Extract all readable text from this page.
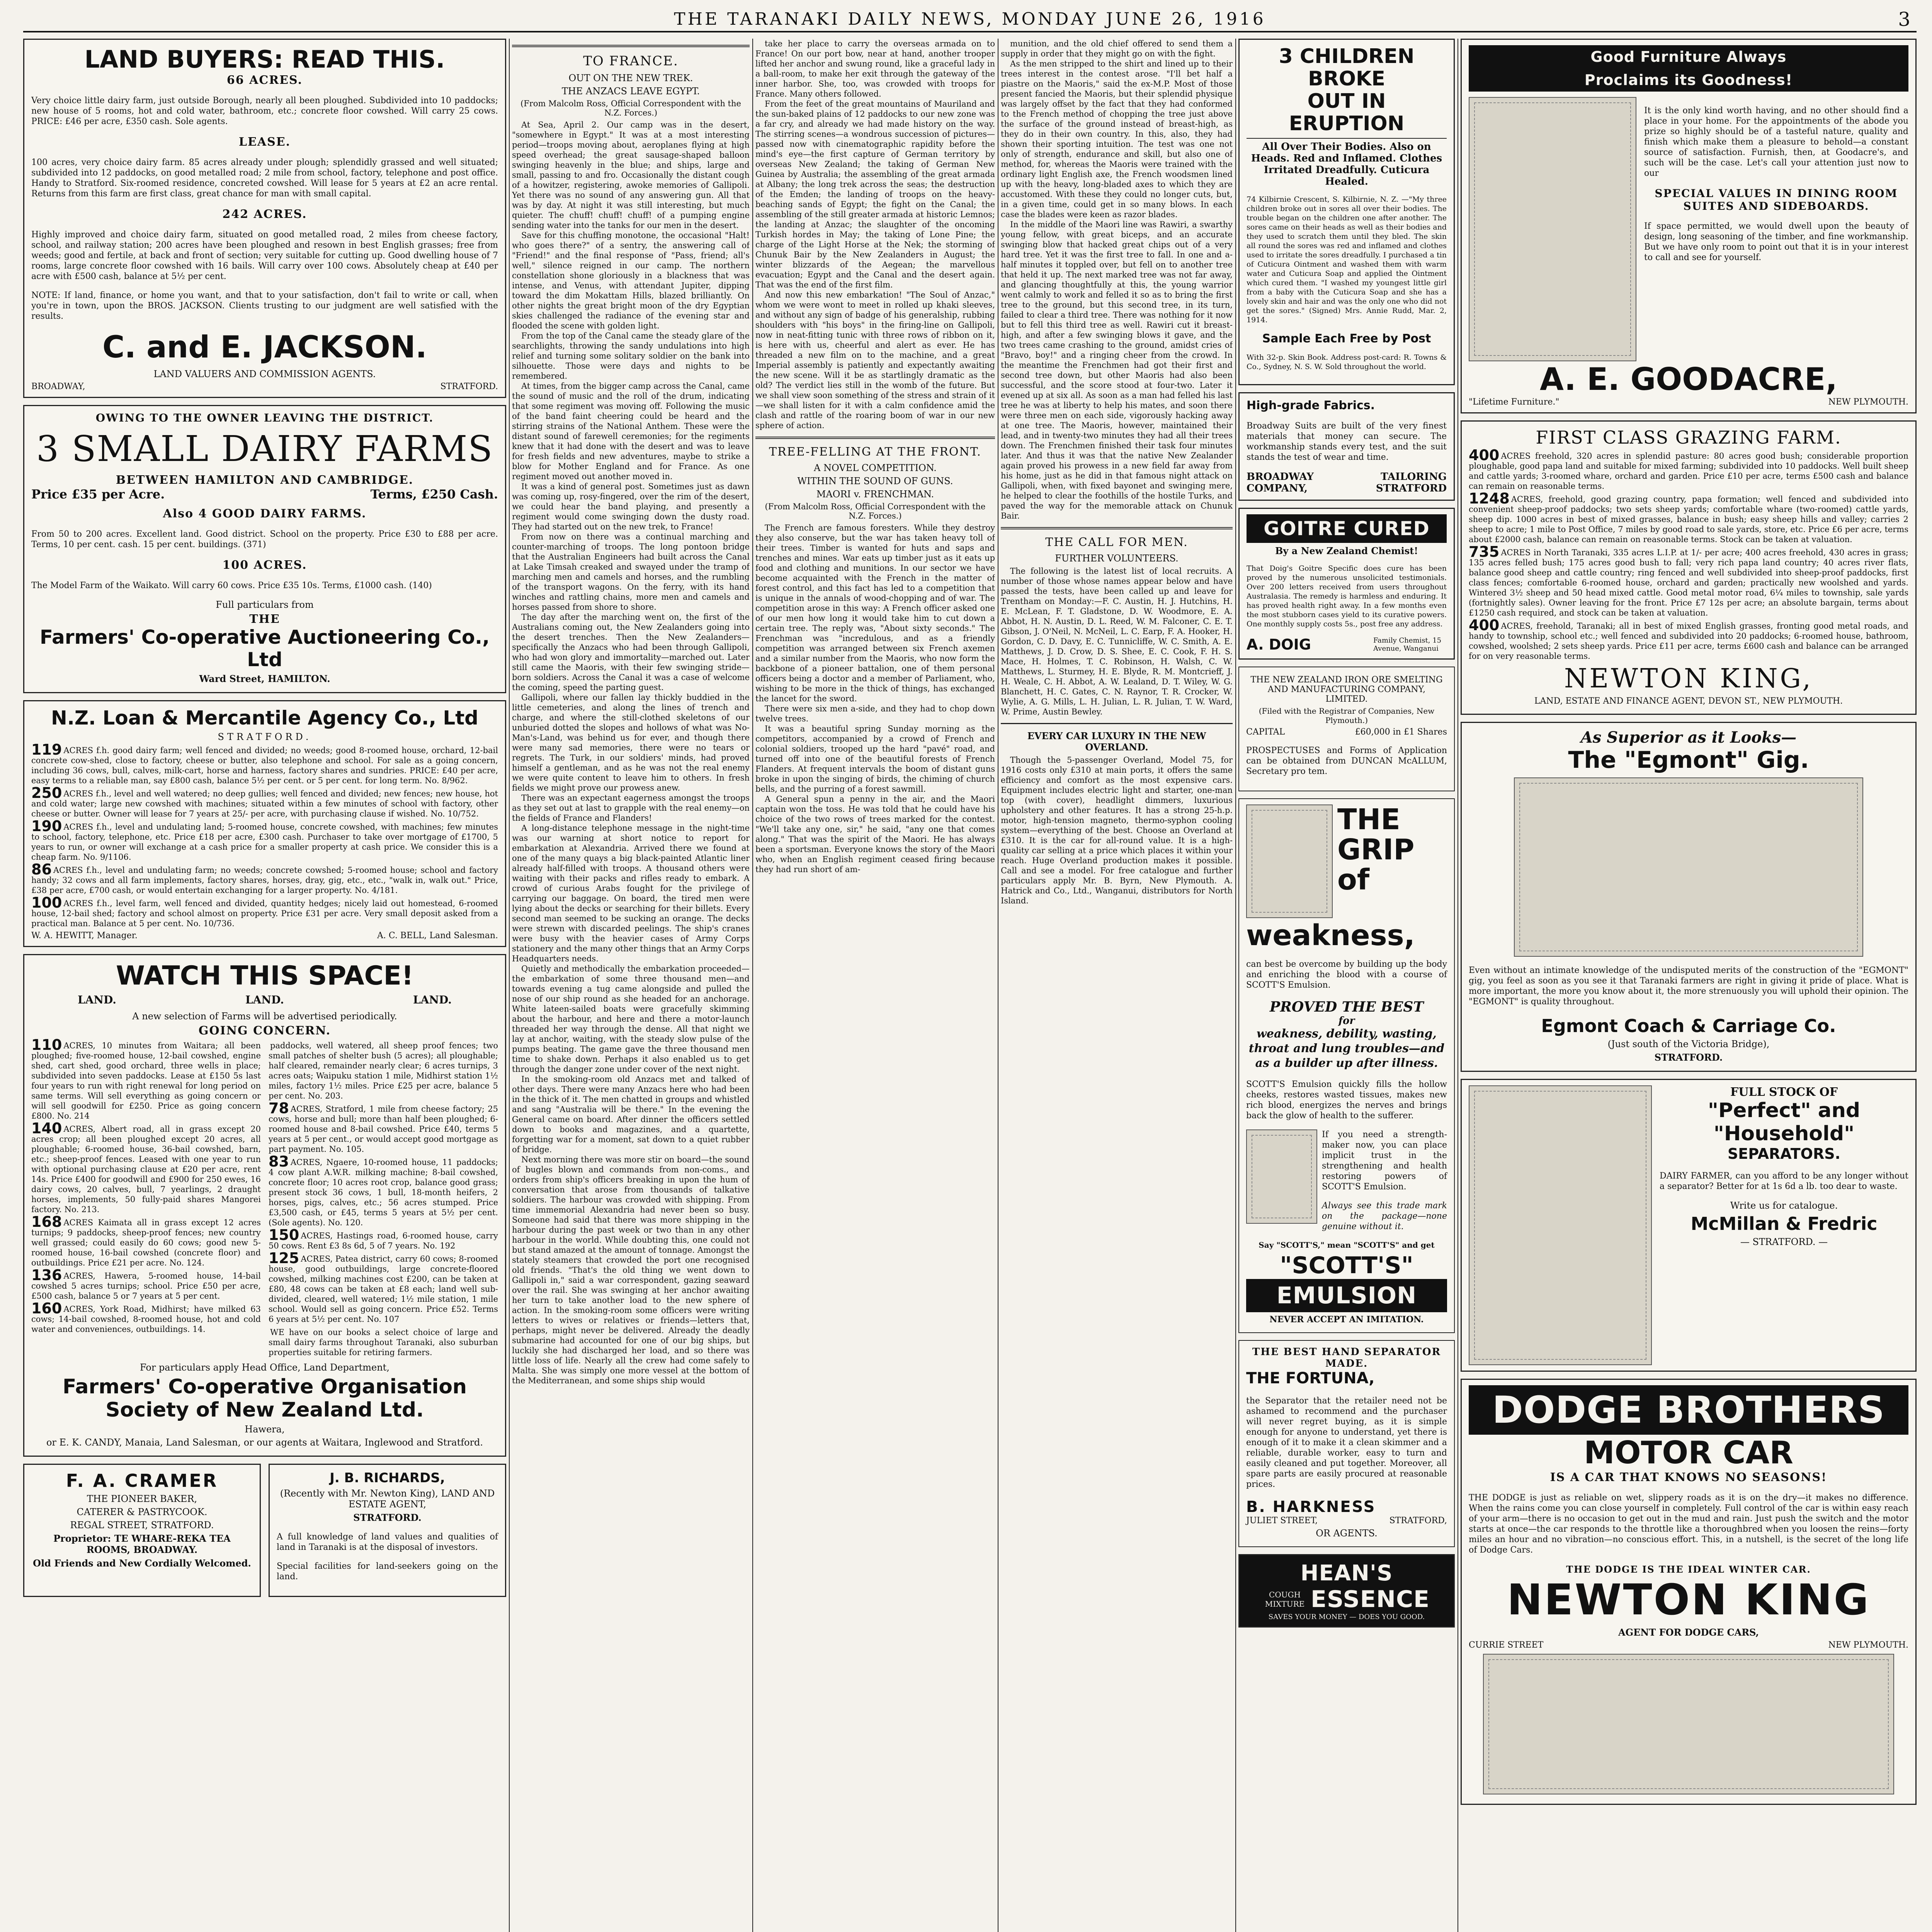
THE TARANAKI DAILY NEWS, MONDAY JUNE 26, 1916	3
LAND BUYERS: READ THIS.
66 ACRES.

Very choice little dairy farm, just outside Borough, nearly all been ploughed. Subdivided into 10 paddocks; new house of 5 rooms, hot and cold water, bathroom, etc.; concrete floor cowshed. Will carry 25 cows. PRICE: £46 per acre, £350 cash. Sole agents.

LEASE.

100 acres, very choice dairy farm. 85 acres already under plough; splendidly grassed and well situated; subdivided into 12 paddocks, on good metalled road; 2 mile from school, factory, telephone and post office. Handy to Stratford. Six-roomed residence, concreted cowshed. Will lease for 5 years at £2 an acre rental. Returns from this farm are first class, great chance for man with small capital.

242 ACRES.

Highly improved and choice dairy farm, situated on good metalled road, 2 miles from cheese factory, school, and railway station; 200 acres have been ploughed and resown in best English grasses; free from weeds; good and fertile, at back and front of section; very suitable for cutting up. Good dwelling house of 7 rooms, large concrete floor cowshed with 16 bails. Will carry over 100 cows. Absolutely cheap at £40 per acre with £500 cash, balance at 5½ per cent.

NOTE: If land, finance, or home you want, and that to your satisfaction, don't fail to write or call, when you're in town, upon the BROS. JACKSON. Clients trusting to our judgment are well satisfied with the results.

C. and E. JACKSON.
LAND VALUERS AND COMMISSION AGENTS.
BROADWAY,	STRATFORD.
OWING TO THE OWNER LEAVING THE DISTRICT.
3 SMALL DAIRY FARMS
BETWEEN HAMILTON AND CAMBRIDGE.
Price £35 per Acre.	Terms, £250 Cash.
Also 4 GOOD DAIRY FARMS.

From 50 to 200 acres. Excellent land. Good district. School on the property. Price £30 to £88 per acre. Terms, 10 per cent. cash. 15 per cent. buildings. (371)

100 ACRES.

The Model Farm of the Waikato. Will carry 60 cows. Price £35 10s. Terms, £1000 cash. (140)

Full particulars from
THE
Farmers' Co-operative Auctioneering Co., Ltd
Ward Street, HAMILTON.
N.Z. Loan & Mercantile Agency Co., Ltd
STRATFORD.

119 ACRES f.h. good dairy farm; well fenced and divided; no weeds; good 8-roomed house, orchard, 12-bail concrete cow-shed, close to factory, cheese or butter, also telephone and school. For sale as a going concern, including 36 cows, bull, calves, milk-cart, horse and harness, factory shares and sundries. PRICE: £40 per acre, easy terms to a reliable man, say £800 cash, balance 5½ per cent. or 5 per cent. for long term. No. 8/962.

250 ACRES f.h., level and well watered; no deep gullies; well fenced and divided; new fences; new house, hot and cold water; large new cowshed with machines; situated within a few minutes of school with factory, other cheese or butter. Owner will lease for 7 years at 25/- per acre, with purchasing clause if wished. No. 10/752.

190 ACRES f.h., level and undulating land; 5-roomed house, concrete cowshed, with machines; few minutes to school, factory, telephone, etc. Price £18 per acre, £300 cash. Purchaser to take over mortgage of £1700, 5 years to run, or owner will exchange at a cash price for a smaller property at cash price. We consider this is a cheap farm. No. 9/1106.

86 ACRES f.h., level and undulating farm; no weeds; concrete cowshed; 5-roomed house; school and factory handy; 32 cows and all farm implements, factory shares, horses, dray, gig, etc., etc., "walk in, walk out." Price, £38 per acre, £700 cash, or would entertain exchanging for a larger property. No. 4/181.

100 ACRES f.h., level farm, well fenced and divided, quantity hedges; nicely laid out homestead, 6-roomed house, 12-bail shed; factory and school almost on property. Price £31 per acre. Very small deposit asked from a practical man. Balance at 5 per cent. No. 10/736.

W. A. HEWITT, Manager.	A. C. BELL, Land Salesman.
WATCH THIS SPACE!
LAND.	LAND.	LAND.
A new selection of Farms will be advertised periodically.
GOING CONCERN.

110 ACRES, 10 minutes from Waitara; all been ploughed; five-roomed house, 12-bail cowshed, engine shed, cart shed, good orchard, three wells in place; subdivided into seven paddocks. Lease at £150 5s last four years to run with right renewal for long period on same terms. Will sell everything as going concern or will sell goodwill for £250. Price as going concern £800. No. 214

140 ACRES, Albert road, all in grass except 20 acres crop; all been ploughed except 20 acres, all ploughable; 6-roomed house, 36-bail cowshed, barn, etc.; sheep-proof fences. Leased with one year to run with optional purchasing clause at £20 per acre, rent 14s. Price £400 for goodwill and £900 for 250 ewes, 16 dairy cows, 20 calves, bull, 7 yearlings, 2 draught horses, implements, 50 fully-paid shares Mangorei factory. No. 213.

168 ACRES Kaimata all in grass except 12 acres turnips; 9 paddocks, sheep-proof fences; new country well grassed; could easily do 60 cows; good new 5-roomed house, 16-bail cowshed (concrete floor) and outbuildings. Price £21 per acre. No. 124.

136 ACRES, Hawera, 5-roomed house, 14-bail cowshed 5 acres turnips; school. Price £50 per acre, £500 cash, balance 5 or 7 years at 5 per cent.

160 ACRES, York Road, Midhirst; have milked 63 cows; 14-bail cowshed, 8-roomed house, hot and cold water and conveniences, outbuildings. 14.

paddocks, well watered, all sheep proof fences; two small patches of shelter bush (5 acres); all ploughable; half cleared, remainder nearly clear; 6 acres turnips, 3 acres oats; Waipuku station 1 mile, Midhirst station 1½ miles, factory 1½ miles. Price £25 per acre, balance 5 per cent. No. 203.

78 ACRES, Stratford, 1 mile from cheese factory; 25 cows, horse and bull; more than half been ploughed; 6-roomed house and 8-bail cowshed. Price £40, terms 5 years at 5 per cent., or would accept good mortgage as part payment. No. 105.

83 ACRES, Ngaere, 10-roomed house, 11 paddocks; 4 cow plant A.W.R. milking machine; 8-bail cowshed, concrete floor; 10 acres root crop, balance good grass; present stock 36 cows, 1 bull, 18-month heifers, 2 horses, pigs, calves, etc.; 56 acres stumped. Price £3,500 cash, or £45, terms 5 years at 5½ per cent. (Sole agents). No. 120.

150 ACRES, Hastings road, 6-roomed house, carry 50 cows. Rent £3 8s 6d, 5 of 7 years. No. 192

125 ACRES, Patea district, carry 60 cows; 8-roomed house, good outbuildings, large concrete-floored cowshed, milking machines cost £200, can be taken at £80, 48 cows can be taken at £8 each; land well sub-divided, cleared, well watered; 1½ mile station, 1 mile school. Would sell as going concern. Price £52. Terms 6 years at 5½ per cent. No. 107

WE have on our books a select choice of large and small dairy farms throughout Taranaki, also suburban properties suitable for retiring farmers.

For particulars apply Head Office, Land Department,
Farmers' Co-operative Organisation
Society of New Zealand Ltd.
Hawera,
or E. K. CANDY, Manaia, Land Salesman, or our agents at Waitara, Inglewood and Stratford.
F. A. CRAMER
THE PIONEER BAKER,
CATERER & PASTRYCOOK.
REGAL STREET, STRATFORD.
Proprietor: TE WHARE-REKA TEA ROOMS, BROADWAY.
Old Friends and New Cordially Welcomed.
J. B. RICHARDS,
(Recently with Mr. Newton King), LAND AND ESTATE AGENT,
STRATFORD.

A full knowledge of land values and qualities of land in Taranaki is at the disposal of investors.

Special facilities for land-seekers going on the land.

TO FRANCE.
OUT ON THE NEW TREK.
THE ANZACS LEAVE EGYPT.
(From Malcolm Ross, Official Correspondent with the N.Z. Forces.)

At Sea, April 2. Our camp was in the desert, "somewhere in Egypt." It was at a most interesting period—troops moving about, aeroplanes flying at high speed overhead; the great sausage-shaped balloon swinging heavenly in the blue; and ships, large and small, passing to and fro. Occasionally the distant cough of a howitzer, registering, awoke memories of Gallipoli. Yet there was no sound of any answering gun. All that was by day. At night it was still interesting, but much quieter. The chuff! chuff! chuff! of a pumping engine sending water into the tanks for our men in the desert.

Save for this chuffing monotone, the occasional "Halt! who goes there?" of a sentry, the answering call of "Friend!" and the final response of "Pass, friend; all's well," silence reigned in our camp. The northern constellation shone gloriously in a blackness that was intense, and Venus, with attendant Jupiter, dipping toward the dim Mokattam Hills, blazed brilliantly. On other nights the great bright moon of the dry Egyptian skies challenged the radiance of the evening star and flooded the scene with golden light.

From the top of the Canal came the steady glare of the searchlights, throwing the sandy undulations into high relief and turning some solitary soldier on the bank into silhouette. Those were days and nights to be remembered.

At times, from the bigger camp across the Canal, came the sound of music and the roll of the drum, indicating that some regiment was moving off. Following the music of the band faint cheering could be heard and the stirring strains of the National Anthem. These were the distant sound of farewell ceremonies; for the regiments knew that it had done with the desert and was to leave for fresh fields and new adventures, maybe to strike a blow for Mother England and for France. As one regiment moved out another moved in.

It was a kind of general post. Sometimes just as dawn was coming up, rosy-fingered, over the rim of the desert, we could hear the band playing, and presently a regiment would come swinging down the dusty road. They had started out on the new trek, to France!

From now on there was a continual marching and counter-marching of troops. The long pontoon bridge that the Australian Engineers had built across the Canal at Lake Timsah creaked and swayed under the tramp of marching men and camels and horses, and the rumbling of the transport wagons. On the ferry, with its hand winches and rattling chains, more men and camels and horses passed from shore to shore.

The day after the marching went on, the first of the Australians coming out, the New Zealanders going into the desert trenches. Then the New Zealanders—specifically the Anzacs who had been through Gallipoli, who had won glory and immortality—marched out. Later still came the Maoris, with their few swinging stride—born soldiers. Across the Canal it was a case of welcome the coming, speed the parting guest.

Gallipoli, where our fallen lay thickly buddied in the little cemeteries, and along the lines of trench and charge, and where the still-clothed skeletons of our unburied dotted the slopes and hollows of what was No-Man's-Land, was behind us for ever, and though there were many sad memories, there were no tears or regrets. The Turk, in our soldiers' minds, had proved himself a gentleman, and as he was not the real enemy we were quite content to leave him to others. In fresh fields we might prove our prowess anew.

There was an expectant eagerness amongst the troops as they set out at last to grapple with the real enemy—on the fields of France and Flanders!

A long-distance telephone message in the night-time was our warning at short notice to report for embarkation at Alexandria. Arrived there we found at one of the many quays a big black-painted Atlantic liner already half-filled with troops. A thousand others were waiting with their packs and rifles ready to embark. A crowd of curious Arabs fought for the privilege of carrying our baggage. On board, the tired men were lying about the decks or searching for their billets. Every second man seemed to be sucking an orange. The decks were strewn with discarded peelings. The ship's cranes were busy with the heavier cases of Army Corps stationery and the many other things that an Army Corps Headquarters needs.

Quietly and methodically the embarkation proceeded—the embarkation of some three thousand men—and towards evening a tug came alongside and pulled the nose of our ship round as she headed for an anchorage. White lateen-sailed boats were gracefully skimming about the harbour, and here and there a motor-launch threaded her way through the dense. All that night we lay at anchor, waiting, with the steady slow pulse of the pumps beating. The game gave the three thousand men time to shake down. Perhaps it also enabled us to get through the danger zone under cover of the next night.

In the smoking-room old Anzacs met and talked of other days. There were many Anzacs here who had been in the thick of it. The men chatted in groups and whistled and sang "Australia will be there." In the evening the General came on board. After dinner the officers settled down to books and magazines, and a quartette, forgetting war for a moment, sat down to a quiet rubber of bridge.

Next morning there was more stir on board—the sound of bugles blown and commands from non-coms., and orders from ship's officers breaking in upon the hum of conversation that arose from thousands of talkative soldiers. The harbour was crowded with shipping. From time immemorial Alexandria had never been so busy. Someone had said that there was more shipping in the harbour during the past week or two than in any other harbour in the world. While doubting this, one could not but stand amazed at the amount of tonnage. Amongst the stately steamers that crowded the port one recognised old friends. "That's the old thing we went down to Gallipoli in," said a war correspondent, gazing seaward over the rail. She was swinging at her anchor awaiting her turn to take another load to the new sphere of action. In the smoking-room some officers were writing letters to wives or relatives or friends—letters that, perhaps, might never be delivered. Already the deadly submarine had accounted for one of our big ships, but luckily she had discharged her load, and so there was little loss of life. Nearly all the crew had come safely to Malta. She was simply one more vessel at the bottom of the Mediterranean, and some ships ship would

take her place to carry the overseas armada on to France! On our port bow, near at hand, another trooper lifted her anchor and swung round, like a graceful lady in a ball-room, to make her exit through the gateway of the inner harbor. She, too, was crowded with troops for France. Many others followed.

From the feet of the great mountains of Mauriland and the sun-baked plains of 12 paddocks to our new zone was a far cry, and already we had made history on the way. The stirring scenes—a wondrous succession of pictures—passed now with cinematographic rapidity before the mind's eye—the first capture of German territory by overseas New Zealand; the taking of German New Guinea by Australia; the assembling of the great armada at Albany; the long trek across the seas; the destruction of the Emden; the landing of troops on the heavy-beaching sands of Egypt; the fight on the Canal; the assembling of the still greater armada at historic Lemnos; the landing at Anzac; the slaughter of the oncoming Turkish hordes in May; the taking of Lone Pine; the charge of the Light Horse at the Nek; the storming of Chunuk Bair by the New Zealanders in August; the winter blizzards of the Aegean; the marvellous evacuation; Egypt and the Canal and the desert again. That was the end of the first film.

And now this new embarkation! "The Soul of Anzac," whom we were wont to meet in rolled up khaki sleeves, and without any sign of badge of his generalship, rubbing shoulders with "his boys" in the firing-line on Gallipoli, now in neat-fitting tunic with three rows of ribbon on it, is here with us, cheerful and alert as ever. He has threaded a new film on to the machine, and a great Imperial assembly is patiently and expectantly awaiting the new scene. Will it be as startlingly dramatic as the old? The verdict lies still in the womb of the future. But we shall view soon something of the stress and strain of it—we shall listen for it with a calm confidence amid the clash and rattle of the roaring boom of war in our new sphere of action.

TREE-FELLING AT THE FRONT.
A NOVEL COMPETITION.
WITHIN THE SOUND OF GUNS.
MAORI v. FRENCHMAN.
(From Malcolm Ross, Official Correspondent with the N.Z. Forces.)

The French are famous foresters. While they destroy they also conserve, but the war has taken heavy toll of their trees. Timber is wanted for huts and saps and trenches and mines. War eats up timber just as it eats up food and clothing and munitions. In our sector we have become acquainted with the French in the matter of forest control, and this fact has led to a competition that is unique in the annals of wood-chopping and of war. The competition arose in this way: A French officer asked one of our men how long it would take him to cut down a certain tree. The reply was, "About sixty seconds." The Frenchman was "incredulous, and as a friendly competition was arranged between six French axemen and a similar number from the Maoris, who now form the backbone of a pioneer battalion, one of them personal officers being a doctor and a member of Parliament, who, wishing to be more in the thick of things, has exchanged the lancet for the sword.

There were six men a-side, and they had to chop down twelve trees.

It was a beautiful spring Sunday morning as the competitors, accompanied by a crowd of French and colonial soldiers, trooped up the hard "pavé" road, and turned off into one of the beautiful forests of French Flanders. At frequent intervals the boom of distant guns broke in upon the singing of birds, the chiming of church bells, and the purring of a forest sawmill.

A General spun a penny in the air, and the Maori captain won the toss. He was told that he could have his choice of the two rows of trees marked for the contest. "We'll take any one, sir," he said, "any one that comes along." That was the spirit of the Maori. He has always been a sportsman. Everyone knows the story of the Maori who, when an English regiment ceased firing because they had run short of am-

munition, and the old chief offered to send them a supply in order that they might go on with the fight.

As the men stripped to the shirt and lined up to their trees interest in the contest arose. "I'll bet half a piastre on the Maoris," said the ex-M.P. Most of those present fancied the Maoris, but their splendid physique was largely offset by the fact that they had conformed to the French method of chopping the tree just above the surface of the ground instead of breast-high, as they do in their own country. In this, also, they had shown their sporting intuition. The test was one not only of strength, endurance and skill, but also one of method, for, whereas the Maoris were trained with the ordinary light English axe, the French woodsmen lined up with the heavy, long-bladed axes to which they are accustomed. With these they could no longer cuts, but, in a given time, could get in so many blows. In each case the blades were keen as razor blades.

In the middle of the Maori line was Rawiri, a swarthy young fellow, with great biceps, and an accurate swinging blow that hacked great chips out of a very hard tree. Yet it was the first tree to fall. In one and a-half minutes it toppled over, but fell on to another tree that held it up. The next marked tree was not far away, and glancing thoughtfully at this, the young warrior went calmly to work and felled it so as to bring the first tree to the ground, but this second tree, in its turn, failed to clear a third tree. There was nothing for it now but to fell this third tree as well. Rawiri cut it breast-high, and after a few swinging blows it gave, and the two trees came crashing to the ground, amidst cries of "Bravo, boy!" and a ringing cheer from the crowd. In the meantime the Frenchmen had got their first and second tree down, but other Maoris had also been successful, and the score stood at four-two. Later it evened up at six all. As soon as a man had felled his last tree he was at liberty to help his mates, and soon there were three men on each side, vigorously hacking away at one tree. The Maoris, however, maintained their lead, and in twenty-two minutes they had all their trees down. The Frenchmen finished their task four minutes later. And thus it was that the native New Zealander again proved his prowess in a new field far away from his home, just as he did in that famous night attack on Gallipoli, when, with fixed bayonet and swinging mere, he helped to clear the foothills of the hostile Turks, and paved the way for the memorable attack on Chunuk Bair.

THE CALL FOR MEN.
FURTHER VOLUNTEERS.

The following is the latest list of local recruits. A number of those whose names appear below and have passed the tests, have been called up and leave for Trentham on Monday:—F. C. Austin, H. J. Hutchins, H. E. McLean, F. T. Gladstone, D. W. Woodmore, E. A. Abbot, H. N. Austin, D. L. Reed, W. M. Falconer, C. E. T. Gibson, J. O'Neil, N. McNeil, L. C. Earp, F. A. Hooker, H. Gordon, C. D. Davy, E. C. Tunnicliffe, W. C. Smith, A. E. Matthews, J. D. Crow, D. S. Shee, E. C. Cook, F. H. S. Mace, H. Holmes, T. C. Robinson, H. Walsh, C. W. Matthews, L. Sturmey, H. E. Blyde, R. M. Montcrieff, J. H. Weale, C. H. Abbot, A. W. Lealand, D. T. Wiley, W. G. Blanchett, H. C. Gates, C. N. Raynor, T. R. Crocker, W. Wylie, A. G. Mills, L. H. Julian, L. R. Julian, T. W. Ward, W. Prime, Austin Bewley.

EVERY CAR LUXURY IN THE NEW OVERLAND.

Though the 5-passenger Overland, Model 75, for 1916 costs only £310 at main ports, it offers the same efficiency and comfort as the most expensive cars. Equipment includes electric light and starter, one-man top (with cover), headlight dimmers, luxurious upholstery and other features. It has a strong 25-h.p. motor, high-tension magneto, thermo-syphon cooling system—everything of the best. Choose an Overland at £310. It is the car for all-round value. It is a high-quality car selling at a price which places it within your reach. Huge Overland production makes it possible. Call and see a model. For free catalogue and further particulars apply Mr. B. Byrn, New Plymouth. A. Hatrick and Co., Ltd., Wanganui, distributors for North Island.

3 CHILDREN BROKE
OUT IN ERUPTION
All Over Their Bodies. Also on Heads. Red and Inflamed. Clothes Irritated Dreadfully. Cuticura Healed.

74 Kilbirnie Crescent, S. Kilbirnie, N. Z. —"My three children broke out in sores all over their bodies. The trouble began on the children one after another. The sores came on their heads as well as their bodies and they used to scratch them until they bled. The skin all round the sores was red and inflamed and clothes used to irritate the sores dreadfully. I purchased a tin of Cuticura Ointment and washed them with warm water and Cuticura Soap and applied the Ointment which cured them. "I washed my youngest little girl from a baby with the Cuticura Soap and she has a lovely skin and hair and was the only one who did not get the sores." (Signed) Mrs. Annie Rudd, Mar. 2, 1914.

Sample Each Free by Post

With 32-p. Skin Book. Address post-card: R. Towns & Co., Sydney, N. S. W. Sold throughout the world.

High-grade Fabrics.

Broadway Suits are built of the very finest materials that money can secure. The workmanship stands every test, and the suit stands the test of wear and time.

BROADWAY	TAILORING
COMPANY,	STRATFORD
GOITRE CURED
By a New Zealand Chemist!

That Doig's Goitre Specific does cure has been proved by the numerous unsolicited testimonials. Over 200 letters received from users throughout Australasia. The remedy is harmless and enduring. It has proved health right away. In a few months even the most stubborn cases yield to its curative powers. One monthly supply costs 5s., post free any address.

A. DOIG	Family Chemist, 15 Avenue, Wanganui
THE NEW ZEALAND IRON ORE SMELTING AND MANUFACTURING COMPANY, LIMITED.
(Filed with the Registrar of Companies, New Plymouth.)
CAPITAL	£60,000 in £1 Shares

PROSPECTUSES and Forms of Application can be obtained from DUNCAN McALLUM, Secretary pro tem.

THE GRIP of weakness,

can best be overcome by building up the body and enriching the blood with a course of SCOTT'S Emulsion.

PROVED THE BEST
for
weakness, debility, wasting, throat and lung troubles—and as a builder up after illness.

SCOTT'S Emulsion quickly fills the hollow cheeks, restores wasted tissues, makes new rich blood, energizes the nerves and brings back the glow of health to the sufferer.

If you need a strength-maker now, you can place implicit trust in the strengthening and health restoring powers of SCOTT'S Emulsion.

Always see this trade mark on the package—none genuine without it.

Say "SCOTT'S," mean "SCOTT'S" and get
"SCOTT'S"
EMULSION
NEVER ACCEPT AN IMITATION.
THE BEST HAND SEPARATOR MADE.
THE FORTUNA,

the Separator that the retailer need not be ashamed to recommend and the purchaser will never regret buying, as it is simple enough for anyone to understand, yet there is enough of it to make it a clean skimmer and a reliable, durable worker, easy to turn and easily cleaned and put together. Moreover, all spare parts are easily procured at reasonable prices.

B. HARKNESS
JULIET STREET,	STRATFORD,
OR AGENTS.
HEAN'S
COUGH MIXTURE ESSENCE
SAVES YOUR MONEY — DOES YOU GOOD.
Good Furniture Always
Proclaims its Goodness!

It is the only kind worth having, and no other should find a place in your home. For the appointments of the abode you prize so highly should be of a tasteful nature, quality and finish which make them a pleasure to behold—a constant source of satisfaction. Furnish, then, at Goodacre's, and such will be the case. Let's call your attention just now to our

SPECIAL VALUES IN DINING ROOM SUITES AND SIDEBOARDS.

If space permitted, we would dwell upon the beauty of design, long seasoning of the timber, and fine workmanship. But we have only room to point out that it is in your interest to call and see for yourself.

A. E. GOODACRE,
"Lifetime Furniture."	NEW PLYMOUTH.
FIRST CLASS GRAZING FARM.

400 ACRES freehold, 320 acres in splendid pasture: 80 acres good bush; considerable proportion ploughable, good papa land and suitable for mixed farming; subdivided into 10 paddocks. Well built sheep and cattle yards; 3-roomed whare, orchard and garden. Price £10 per acre, terms £500 cash and balance can remain on reasonable terms.

1248 ACRES, freehold, good grazing country, papa formation; well fenced and subdivided into convenient sheep-proof paddocks; two sets sheep yards; comfortable whare (two-roomed) cattle yards, sheep dip. 1000 acres in best of mixed grasses, balance in bush; easy sheep hills and valley; carries 2 sheep to acre; 1 mile to Post Office, 7 miles by good road to sale yards, store, etc. Price £6 per acre, terms about £2000 cash, balance can remain on reasonable terms. Stock can be taken at valuation.

735 ACRES in North Taranaki, 335 acres L.I.P. at 1/- per acre; 400 acres freehold, 430 acres in grass; 135 acres felled bush; 175 acres good bush to fall; very rich papa land country; 40 acres river flats, balance good sheep and cattle country; ring fenced and well subdivided into sheep-proof paddocks, first class fences; comfortable 6-roomed house, orchard and garden; practically new woolshed and yards. Wintered 3½ sheep and 50 head mixed cattle. Good metal motor road, 6¼ miles to township, sale yards (fortnightly sales). Owner leaving for the front. Price £7 12s per acre; an absolute bargain, terms about £1250 cash required, and stock can be taken at valuation.

400 ACRES, freehold, Taranaki; all in best of mixed English grasses, fronting good metal roads, and handy to township, school etc.; well fenced and subdivided into 20 paddocks; 6-roomed house, bathroom, cowshed, woolshed; 2 sets sheep yards. Price £11 per acre, terms £600 cash and balance can be arranged for on very reasonable terms.

NEWTON KING,
LAND, ESTATE AND FINANCE AGENT, DEVON ST., NEW PLYMOUTH.
As Superior as it Looks—
The "Egmont" Gig.

Even without an intimate knowledge of the undisputed merits of the construction of the "EGMONT" gig, you feel as soon as you see it that Taranaki farmers are right in giving it pride of place. What is more important, the more you know about it, the more strenuously you will uphold their opinion. The "EGMONT" is quality throughout.

Egmont Coach & Carriage Co.
(Just south of the Victoria Bridge),
STRATFORD.
FULL STOCK OF
"Perfect" and
"Household"
SEPARATORS.

DAIRY FARMER, can you afford to be any longer without a separator? Better for at 1s 6d a lb. too dear to waste.

Write us for catalogue.
McMillan & Fredric
— STRATFORD. —
DODGE BROTHERS
MOTOR CAR
IS A CAR THAT KNOWS NO SEASONS!

THE DODGE is just as reliable on wet, slippery roads as it is on the dry—it makes no difference. When the rains come you can close yourself in completely. Full control of the car is within easy reach of your arm—there is no occasion to get out in the mud and rain. Just push the switch and the motor starts at once—the car responds to the throttle like a thoroughbred when you loosen the reins—forty miles an hour and no vibration—no conscious effort. This, in a nutshell, is the secret of the long life of Dodge Cars.

THE DODGE IS THE IDEAL WINTER CAR.
NEWTON KING
AGENT FOR DODGE CARS,
CURRIE STREET	NEW PLYMOUTH.
